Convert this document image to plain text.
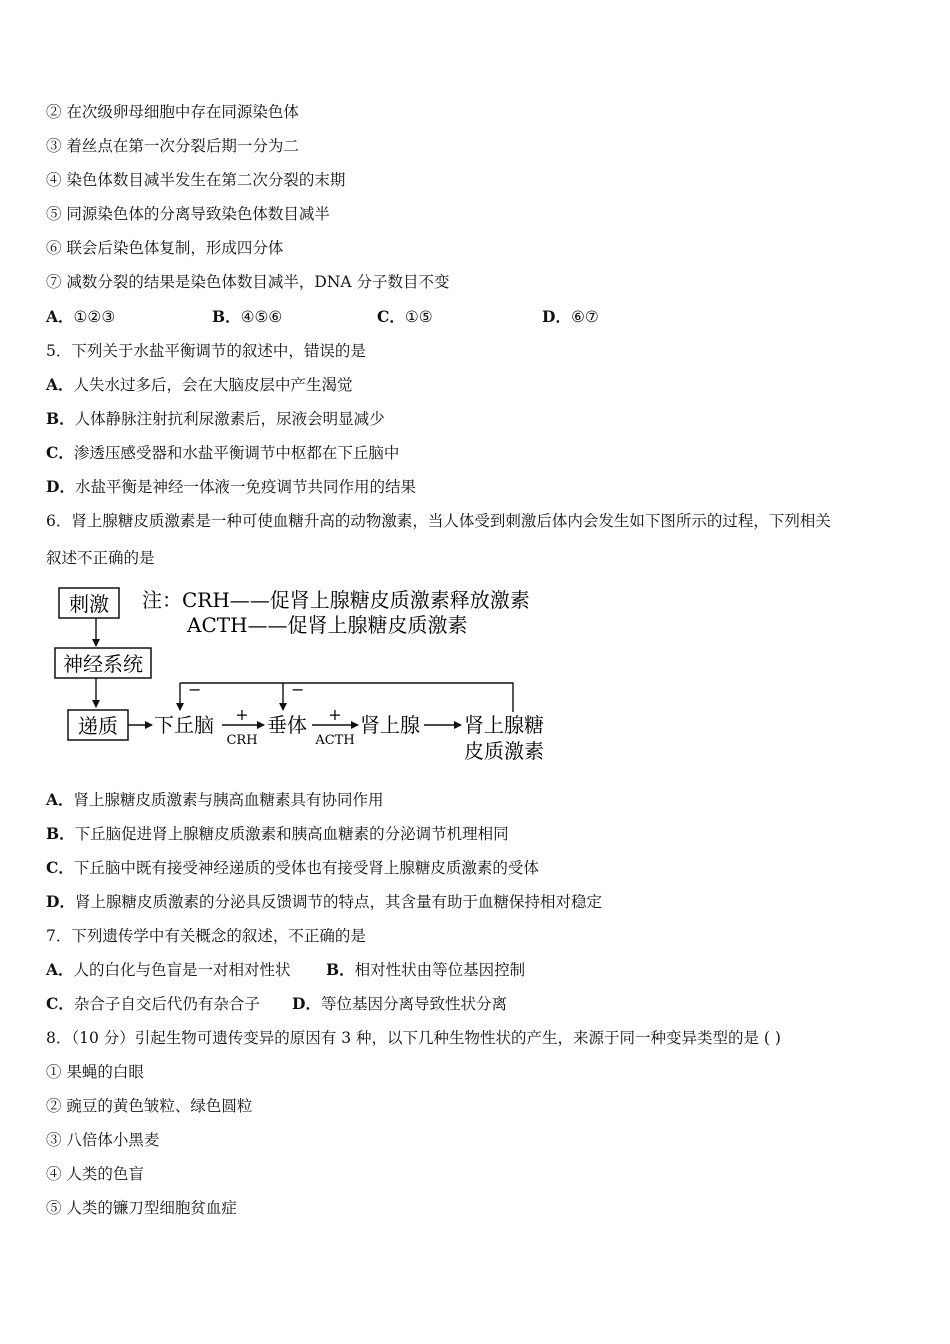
② 在次级卵母细胞中存在同源染色体
③ 着丝点在第一次分裂后期一分为二
④ 染色体数目减半发生在第二次分裂的末期
⑤ 同源染色体的分离导致染色体数目减半
⑥ 联会后染色体复制，形成四分体
⑦ 减数分裂的结果是染色体数目减半，DNA 分子数目不变
A．①②③	B．④⑤⑥	C．①⑤	D．⑥⑦
5．下列关于水盐平衡调节的叙述中，错误的是
A．人失水过多后，会在大脑皮层中产生渴觉
B．人体静脉注射抗利尿激素后，尿液会明显减少
C．渗透压感受器和水盐平衡调节中枢都在下丘脑中
D．水盐平衡是神经一体液一免疫调节共同作用的结果
6．肾上腺糖皮质激素是一种可使血糖升高的动物激素，当人体受到刺激后体内会发生如下图所示的过程，下列相关
叙述不正确的是
刺激 注：CRH——促肾上腺糖皮质激素释放激素
ACTH——促肾上腺糖皮质激素
神经系统
递质 下丘脑 +
CRH
垂体 +
ACTH
肾上腺 肾上腺糖
皮质激素
−	−
A．肾上腺糖皮质激素与胰高血糖素具有协同作用
B．下丘脑促进肾上腺糖皮质激素和胰高血糖素的分泌调节机理相同
C．下丘脑中既有接受神经递质的受体也有接受肾上腺糖皮质激素的受体
D．肾上腺糖皮质激素的分泌具反馈调节的特点，其含量有助于血糖保持相对稳定
7．下列遗传学中有关概念的叙述，不正确的是
A．人的白化与色盲是一对相对性状 B．相对性状由等位基因控制
C．杂合子自交后代仍有杂合子 D．等位基因分离导致性状分离
8．（10 分）引起生物可遗传变异的原因有 3 种，以下几种生物性状的产生，来源于同一种变异类型的是 ( )
① 果蝇的白眼
② 豌豆的黄色皱粒、绿色圆粒
③ 八倍体小黑麦
④ 人类的色盲
⑤ 人类的镰刀型细胞贫血症
